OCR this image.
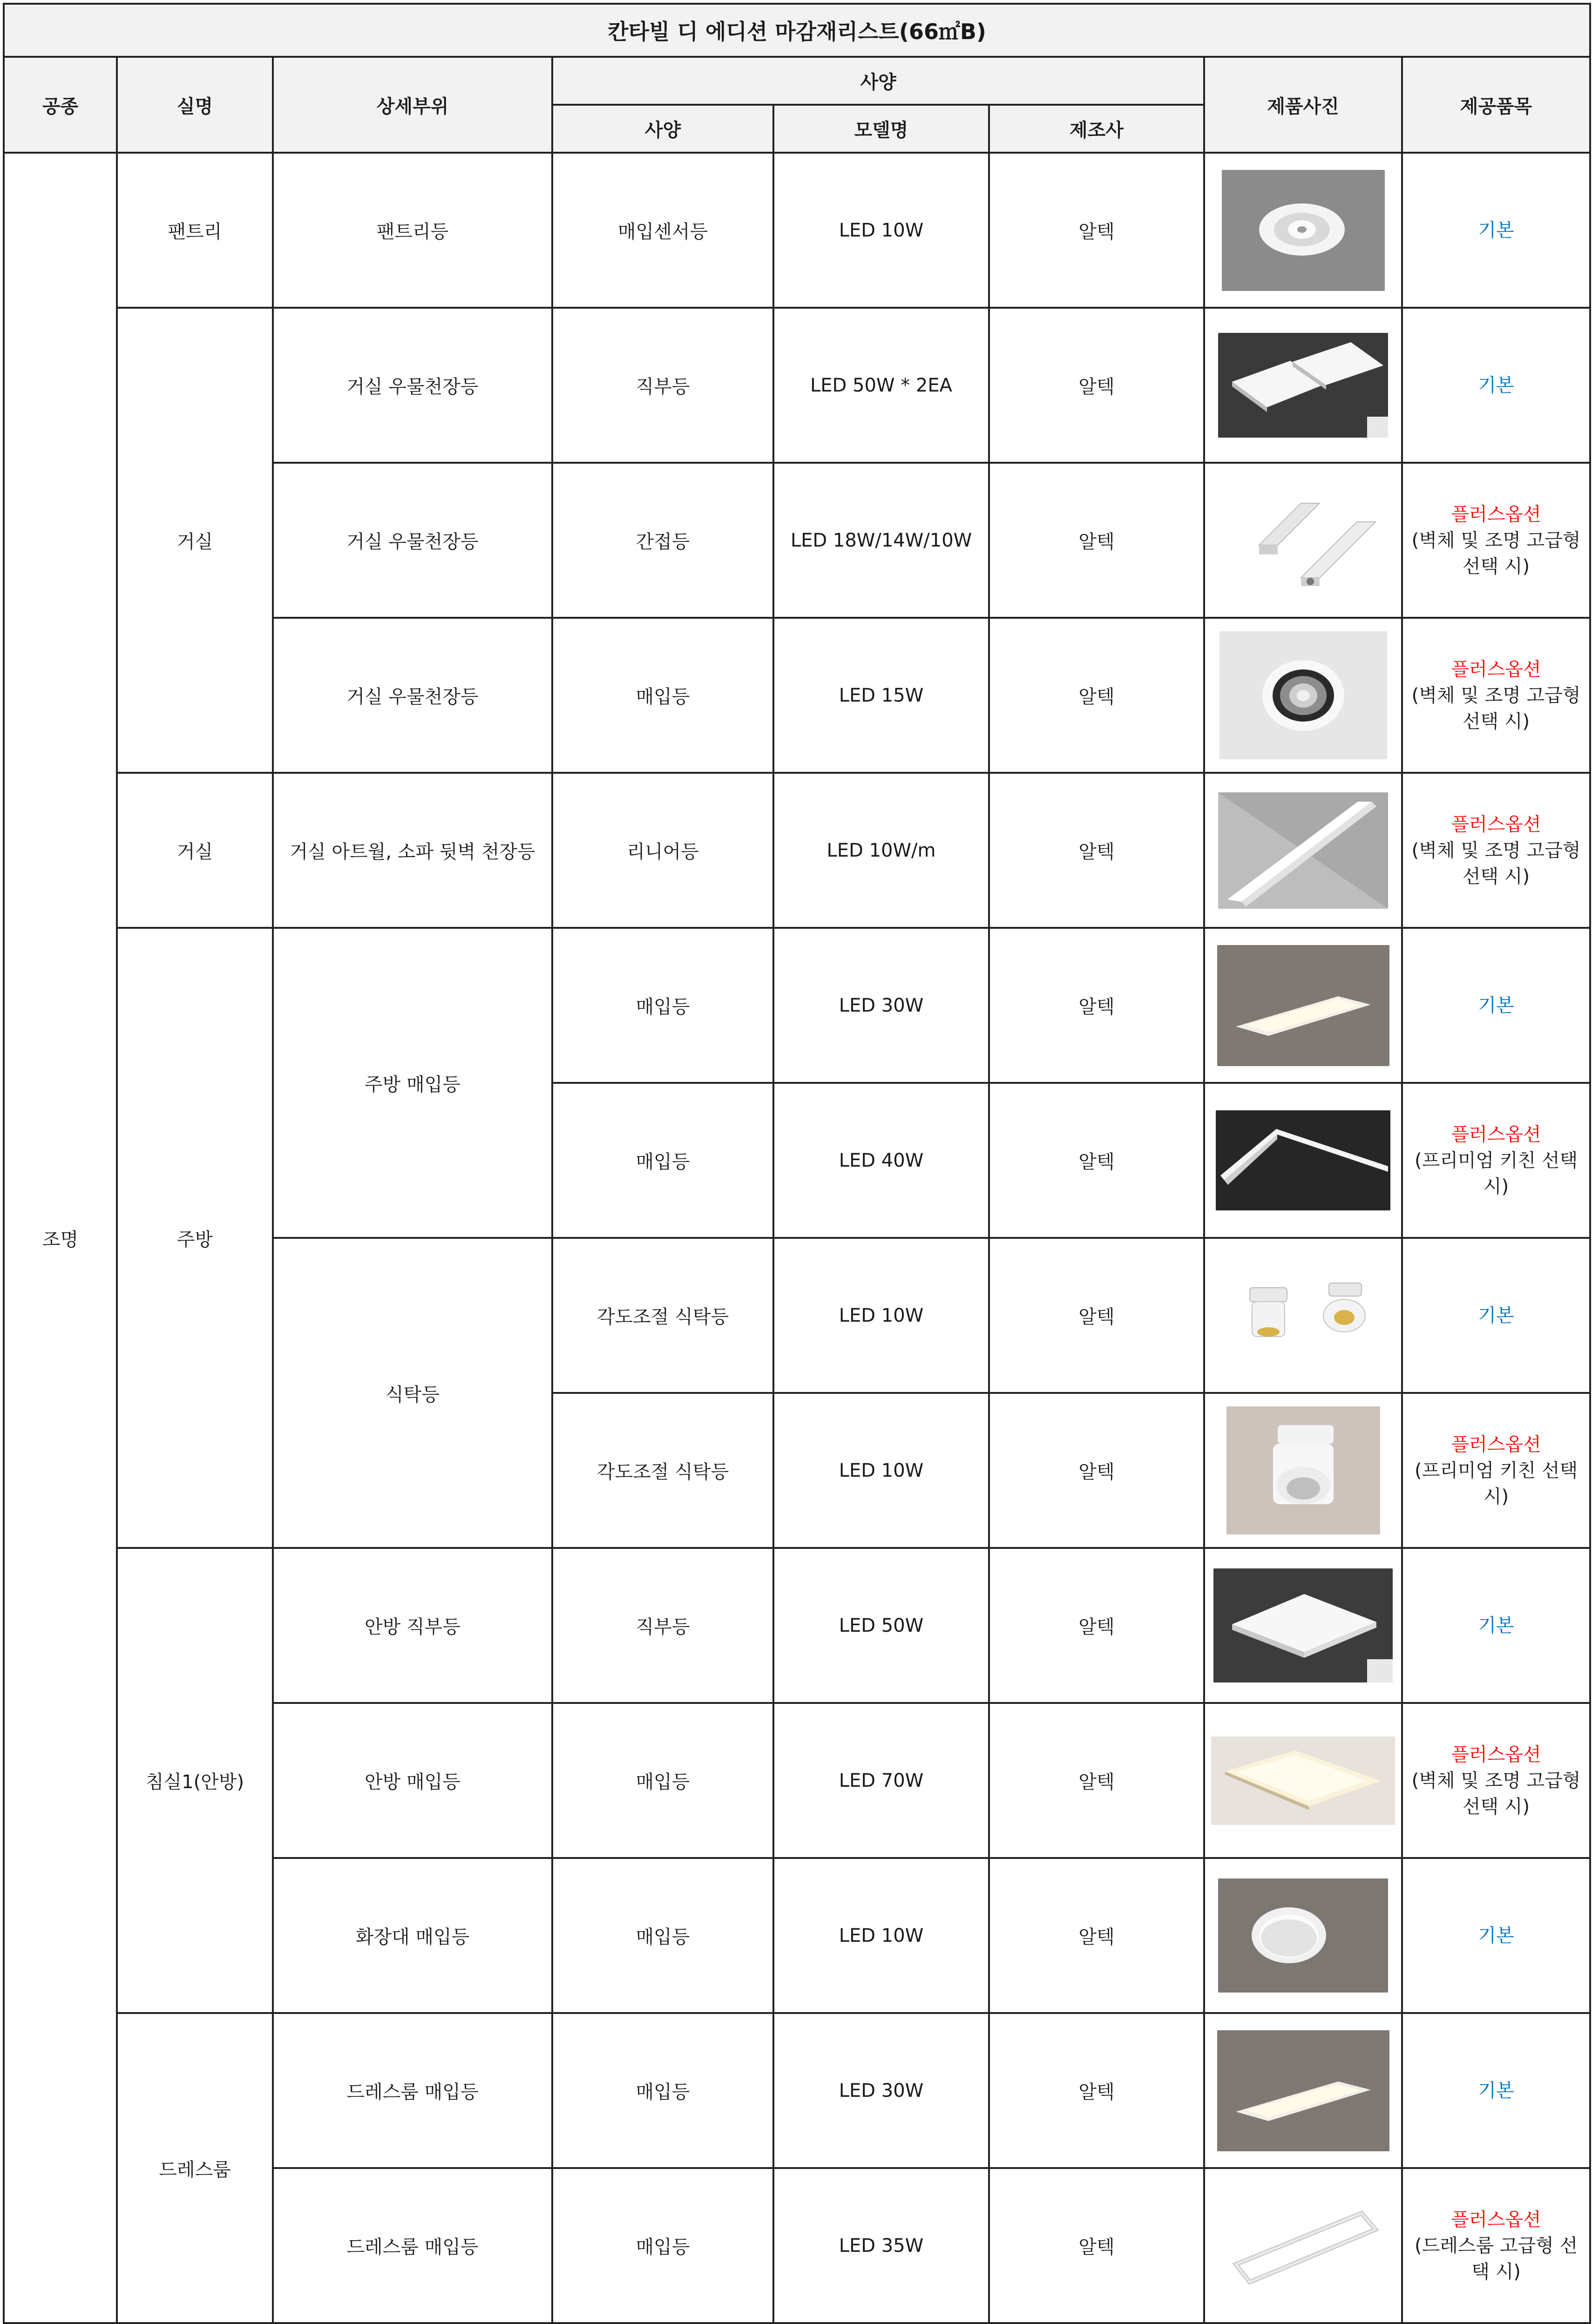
칸타빌 디 에디션 마감재리스트(66㎡B)							
공종	실명	상세부위	사양			제품사진	제공품목
			사양	모델명	제조사		
조명	팬트리	팬트리등	매입센서등	LED 10W	알텍		기본

	거실	거실 우물천장등	직부등	LED 50W * 2EA	알텍		기본

		거실 우물천장등	간접등	LED 18W/14W/10W	알텍		플러스옵션
(벽체 및 조명 고급형 선택 시)

		거실 우물천장등	매입등	LED 15W	알텍		플러스옵션
(벽체 및 조명 고급형 선택 시)

	거실	거실 아트월, 소파 뒷벽 천장등	리니어등	LED 10W/m	알텍		플러스옵션
(벽체 및 조명 고급형 선택 시)

	주방	주방 매입등	매입등	LED 30W	알텍		기본

			매입등	LED 40W	알텍		플러스옵션
(프리미엄 키친 선택 시)

		식탁등	각도조절 식탁등	LED 10W	알텍		기본

			각도조절 식탁등	LED 10W	알텍		플러스옵션
(프리미엄 키친 선택 시)

	침실1(안방)	안방 직부등	직부등	LED 50W	알텍		기본

		안방 매입등	매입등	LED 70W	알텍		플러스옵션
(벽체 및 조명 고급형 선택 시)

		화장대 매입등	매입등	LED 10W	알텍		기본

	드레스룸	드레스룸 매입등	매입등	LED 30W	알텍		기본

		드레스룸 매입등	매입등	LED 35W	알텍		플러스옵션
(드레스룸 고급형 선택 시)
